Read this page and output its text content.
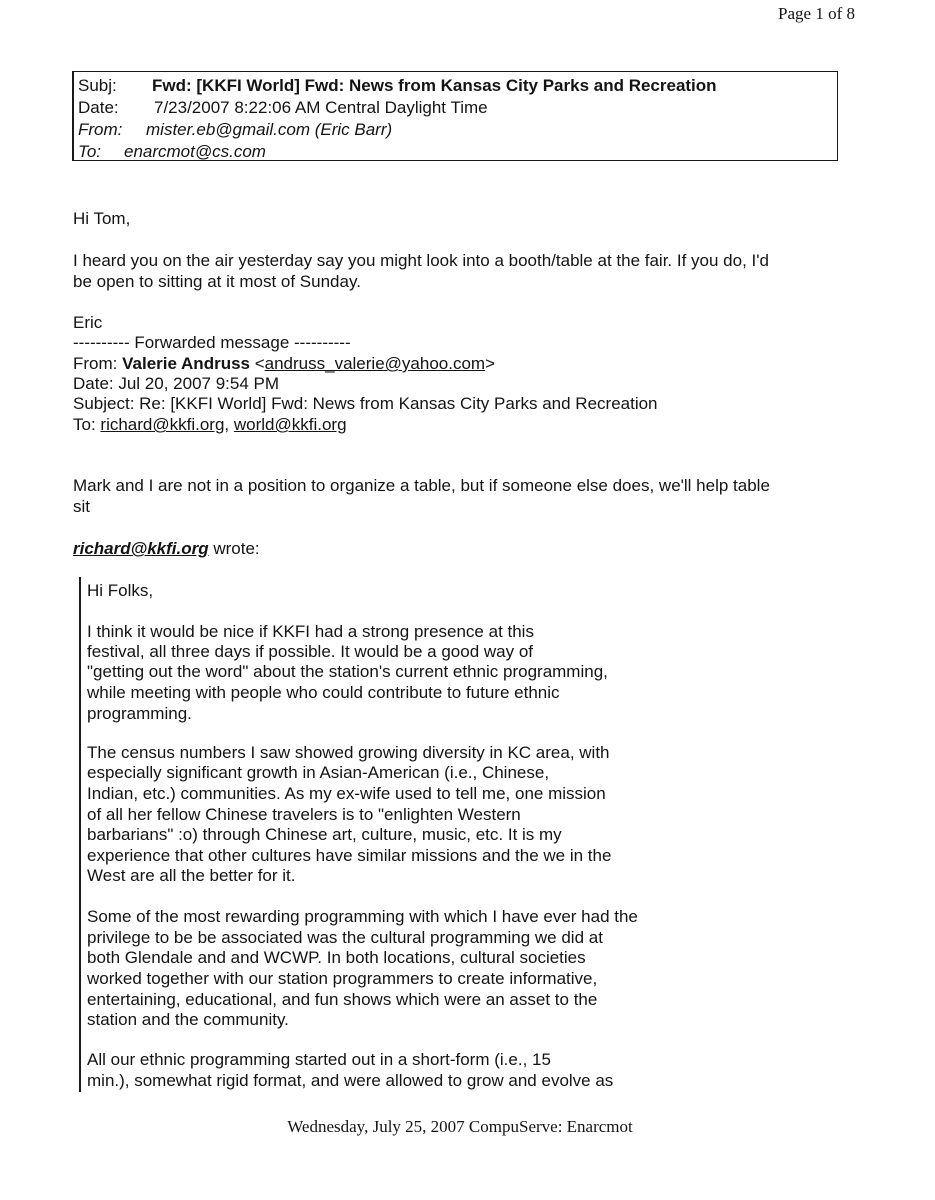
Page 1 of 8
Subj: Fwd: [KKFI World] Fwd: News from Kansas City Parks and Recreation
Date: 7/23/2007 8:22:06 AM Central Daylight Time
From: mister.eb@gmail.com (Eric Barr)
To: enarcmot@cs.com
Hi Tom,
I heard you on the air yesterday say you might look into a booth/table at the fair. If you do, I'd
be open to sitting at it most of Sunday.
Eric
---------- Forwarded message ----------
From: Valerie Andruss <andruss_valerie@yahoo.com>
Date: Jul 20, 2007 9:54 PM
Subject: Re: [KKFI World] Fwd: News from Kansas City Parks and Recreation
To: richard@kkfi.org, world@kkfi.org
Mark and I are not in a position to organize a table, but if someone else does, we'll help table
sit
richard@kkfi.org wrote:
Hi Folks,
I think it would be nice if KKFI had a strong presence at this
festival, all three days if possible. It would be a good way of
"getting out the word" about the station's current ethnic programming,
while meeting with people who could contribute to future ethnic
programming.
The census numbers I saw showed growing diversity in KC area, with
especially significant growth in Asian-American (i.e., Chinese,
Indian, etc.) communities. As my ex-wife used to tell me, one mission
of all her fellow Chinese travelers is to "enlighten Western
barbarians" :o) through Chinese art, culture, music, etc. It is my
experience that other cultures have similar missions and the we in the
West are all the better for it.
Some of the most rewarding programming with which I have ever had the
privilege to be be associated was the cultural programming we did at
both Glendale and and WCWP. In both locations, cultural societies
worked together with our station programmers to create informative,
entertaining, educational, and fun shows which were an asset to the
station and the community.
All our ethnic programming started out in a short-form (i.e., 15
min.), somewhat rigid format, and were allowed to grow and evolve as
Wednesday, July 25, 2007 CompuServe: Enarcmot
